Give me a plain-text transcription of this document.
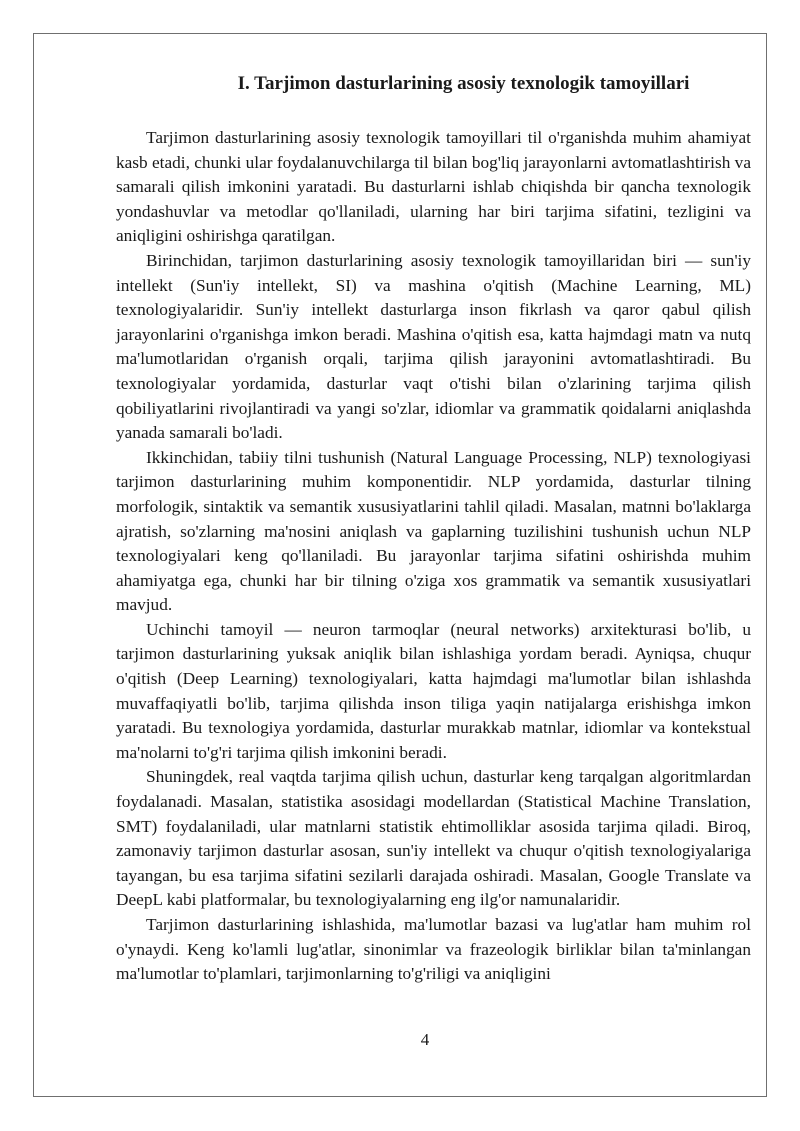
I. Tarjimon dasturlarining asosiy texnologik tamoyillari

Tarjimon dasturlarining asosiy texnologik tamoyillari til o'rganishda muhim ahamiyat kasb etadi, chunki ular foydalanuvchilarga til bilan bog'liq jarayonlarni avtomatlashtirish va samarali qilish imkonini yaratadi. Bu dasturlarni ishlab chiqishda bir qancha texnologik yondashuvlar va metodlar qo'llaniladi, ularning har biri tarjima sifatini, tezligini va aniqligini oshirishga qaratilgan.

Birinchidan, tarjimon dasturlarining asosiy texnologik tamoyillaridan biri — sun'iy intellekt (Sun'iy intellekt, SI) va mashina o'qitish (Machine Learning, ML) texnologiyalaridir. Sun'iy intellekt dasturlarga inson fikrlash va qaror qabul qilish jarayonlarini o'rganishga imkon beradi. Mashina o'qitish esa, katta hajmdagi matn va nutq ma'lumotlaridan o'rganish orqali, tarjima qilish jarayonini avtomatlashtiradi. Bu texnologiyalar yordamida, dasturlar vaqt o'tishi bilan o'zlarining tarjima qilish qobiliyatlarini rivojlantiradi va yangi so'zlar, idiomlar va grammatik qoidalarni aniqlashda yanada samarali bo'ladi.

Ikkinchidan, tabiiy tilni tushunish (Natural Language Processing, NLP) texnologiyasi tarjimon dasturlarining muhim komponentidir. NLP yordamida, dasturlar tilning morfologik, sintaktik va semantik xususiyatlarini tahlil qiladi. Masalan, matnni bo'laklarga ajratish, so'zlarning ma'nosini aniqlash va gaplarning tuzilishini tushunish uchun NLP texnologiyalari keng qo'llaniladi. Bu jarayonlar tarjima sifatini oshirishda muhim ahamiyatga ega, chunki har bir tilning o'ziga xos grammatik va semantik xususiyatlari mavjud.

Uchinchi tamoyil — neuron tarmoqlar (neural networks) arxitekturasi bo'lib, u tarjimon dasturlarining yuksak aniqlik bilan ishlashiga yordam beradi. Ayniqsa, chuqur o'qitish (Deep Learning) texnologiyalari, katta hajmdagi ma'lumotlar bilan ishlashda muvaffaqiyatli bo'lib, tarjima qilishda inson tiliga yaqin natijalarga erishishga imkon yaratadi. Bu texnologiya yordamida, dasturlar murakkab matnlar, idiomlar va kontekstual ma'nolarni to'g'ri tarjima qilish imkonini beradi.

Shuningdek, real vaqtda tarjima qilish uchun, dasturlar keng tarqalgan algoritmlardan foydalanadi. Masalan, statistika asosidagi modellardan (Statistical Machine Translation, SMT) foydalaniladi, ular matnlarni statistik ehtimolliklar asosida tarjima qiladi. Biroq, zamonaviy tarjimon dasturlar asosan, sun'iy intellekt va chuqur o'qitish texnologiyalariga tayangan, bu esa tarjima sifatini sezilarli darajada oshiradi. Masalan, Google Translate va DeepL kabi platformalar, bu texnologiyalarning eng ilg'or namunalaridir.

Tarjimon dasturlarining ishlashida, ma'lumotlar bazasi va lug'atlar ham muhim rol o'ynaydi. Keng ko'lamli lug'atlar, sinonimlar va frazeologik birliklar bilan ta'minlangan ma'lumotlar to'plamlari, tarjimonlarning to'g'riligi va aniqligini

4
